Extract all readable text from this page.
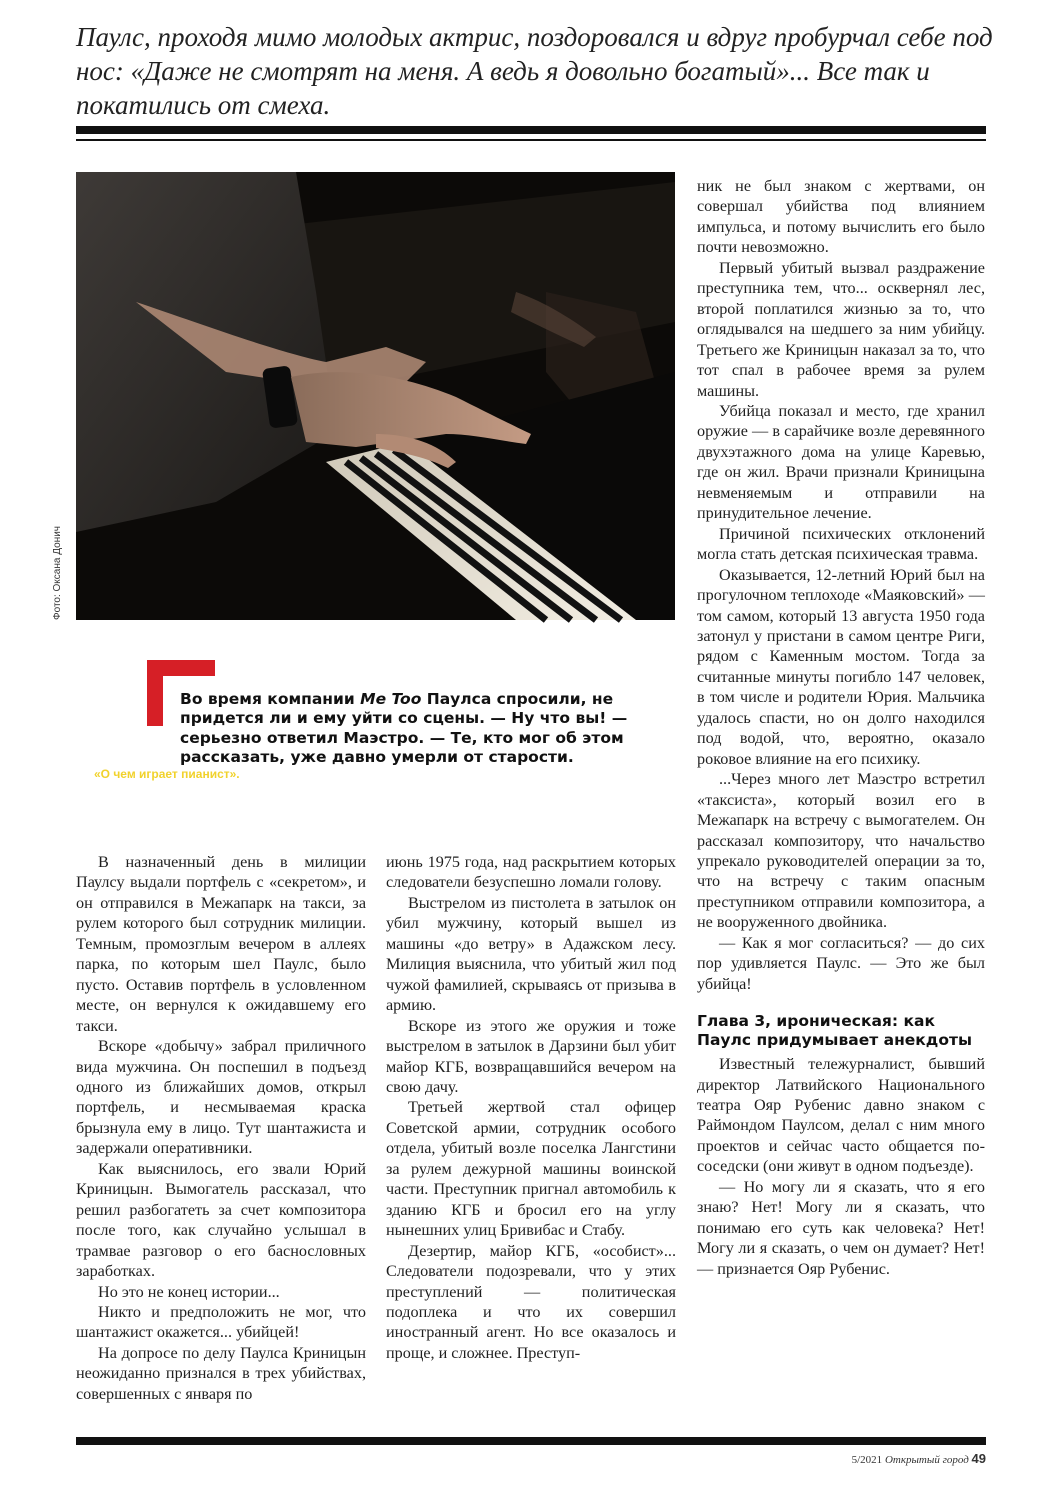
Паулс, проходя мимо молодых актрис, поздоровался и вдруг пробурчал себе под нос: «Даже не смотрят на меня. А ведь я довольно богатый»... Все так и покатились от смеха.

Фото: Оксана Донич
«О чем играет пианист».

Во время компании Me Too Паулса спросили, не придется ли и ему уйти со сцены. — Ну что вы! — серьезно ответил Маэстро. — Те, кто мог об этом рассказать, уже давно умерли от старости.

В назначенный день в милиции Паулсу выдали портфель с «секретом», и он отправился в Межапарк на такси, за рулем которого был сотрудник милиции. Темным, промозглым вечером в аллеях парка, по которым шел Паулс, было пусто. Оставив портфель в условленном месте, он вернулся к ожидавшему его такси.

Вскоре «добычу» забрал приличного вида мужчина. Он поспешил в подъезд одного из ближайших домов, открыл портфель, и несмываемая краска брызнула ему в лицо. Тут шантажиста и задержали оперативники.

Как выяснилось, его звали Юрий Криницын. Вымогатель рассказал, что решил разбогатеть за счет композитора после того, как случайно услышал в трамвае разговор о его баснословных заработках.

Но это не конец истории...

Никто и предположить не мог, что шантажист окажется... убийцей!

На допросе по делу Паулса Криницын неожиданно признался в трех убийствах, совершенных с января по

июнь 1975 года, над раскрытием которых следователи безуспешно ломали голову.

Выстрелом из пистолета в затылок он убил мужчину, который вышел из машины «до ветру» в Адажском лесу. Милиция выяснила, что убитый жил под чужой фамилией, скрываясь от призыва в армию.

Вскоре из этого же оружия и тоже выстрелом в затылок в Дарзини был убит майор КГБ, возвращавшийся вечером на свою дачу.

Третьей жертвой стал офицер Советской армии, сотрудник особого отдела, убитый возле поселка Лангстини за рулем дежурной машины воинской части. Преступник пригнал автомобиль к зданию КГБ и бросил его на углу нынешних улиц Бривибас и Стабу.

Дезертир, майор КГБ, «особист»... Следователи подозревали, что у этих преступлений — политическая подоплека и что их совершил иностранный агент. Но все оказалось и проще, и сложнее. Преступ-

ник не был знаком с жертвами, он совершал убийства под влиянием импульса, и потому вычислить его было почти невозможно.

Первый убитый вызвал раздражение преступника тем, что... осквернял лес, второй поплатился жизнью за то, что оглядывался на шедшего за ним убийцу. Третьего же Криницын наказал за то, что тот спал в рабочее время за рулем машины.

Убийца показал и место, где хранил оружие — в сарайчике возле деревянного двухэтажного дома на улице Каревью, где он жил. Врачи признали Криницына невменяемым и отправили на принудительное лечение.

Причиной психических отклонений могла стать детская психическая травма.

Оказывается, 12-летний Юрий был на прогулочном теплоходе «Маяковский» — том самом, который 13 августа 1950 года затонул у пристани в самом центре Риги, рядом с Каменным мостом. Тогда за считанные минуты погибло 147 человек, в том числе и родители Юрия. Мальчика удалось спасти, но он долго находился под водой, что, вероятно, оказало роковое влияние на его психику.

...Через много лет Маэстро встретил «таксиста», который возил его в Межапарк на встречу с вымогателем. Он рассказал композитору, что начальство упрекало руководителей операции за то, что на встречу с таким опасным преступником отправили композитора, а не вооруженного двойника.

— Как я мог согласиться? — до сих пор удивляется Паулс. — Это же был убийца!

Глава 3, ироническая: как Паулс придумывает анекдоты

Известный тележурналист, бывший директор Латвийского Национального театра Ояр Рубенис давно знаком с Раймондом Паулсом, делал с ним много проектов и сейчас часто общается по-соседски (они живут в одном подъезде).

— Но могу ли я сказать, что я его знаю? Нет! Могу ли я сказать, что понимаю его суть как человека? Нет! Могу ли я сказать, о чем он думает? Нет! — признается Ояр Рубенис.

5/2021 Открытый город 49
